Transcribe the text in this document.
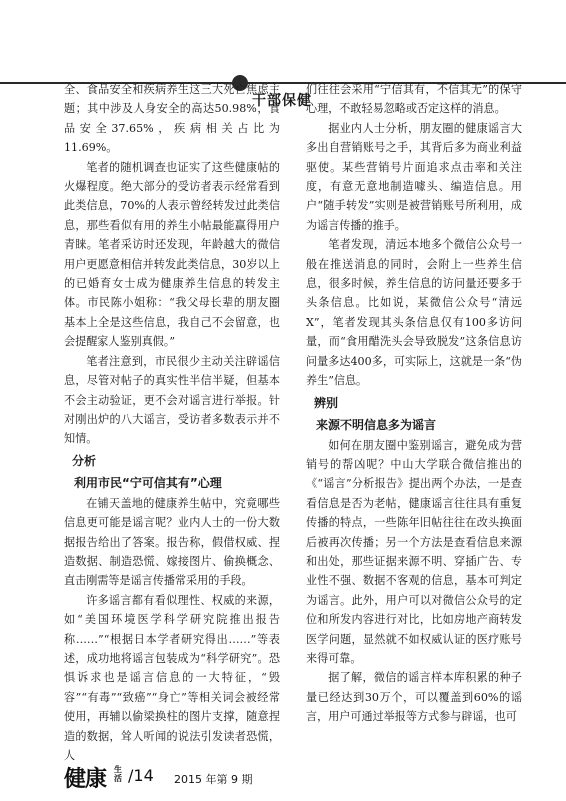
干部保健

全、食品安全和疾病养生这三大死亡焦虑主题；其中涉及人身安全的高达50.98%，食品安全37.65%，疾病相关占比为11.69%。

笔者的随机调查也证实了这些健康帖的火爆程度。绝大部分的受访者表示经常看到此类信息，70%的人表示曾经转发过此类信息，那些看似有用的养生小帖最能赢得用户青睐。笔者采访时还发现，年龄越大的微信用户更愿意相信并转发此类信息，30岁以上的已婚育女士成为健康养生信息的转发主体。市民陈小姐称：“我父母长辈的朋友圈基本上全是这些信息，我自己不会留意，也会提醒家人鉴别真假。”

笔者注意到，市民很少主动关注辟谣信息，尽管对帖子的真实性半信半疑，但基本不会主动验证，更不会对谣言进行举报。针对刚出炉的八大谣言，受访者多数表示并不知情。

分析
利用市民“宁可信其有”心理

在铺天盖地的健康养生帖中，究竟哪些信息更可能是谣言呢？业内人士的一份大数据报告给出了答案。报告称，假借权威、捏造数据、制造恐慌、嫁接图片、偷换概念、直击刚需等是谣言传播常采用的手段。

许多谣言都有看似理性、权威的来源，如“美国环境医学科学研究院推出报告称……”“根据日本学者研究得出……”等表述，成功地将谣言包装成为“科学研究”。恐惧诉求也是谣言信息的一大特征，“毁容”“有毒”“致癌”“身亡”等相关词会被经常使用，再辅以偷梁换柱的图片支撑，随意捏造的数据，耸人听闻的说法引发读者恐慌，人

们往往会采用“宁信其有，不信其无”的保守心理，不敢轻易忽略或否定这样的消息。

据业内人士分析，朋友圈的健康谣言大多出自营销账号之手，其背后多为商业利益驱使。某些营销号片面追求点击率和关注度，有意无意地制造噱头、编造信息。用户“随手转发”实则是被营销账号所利用，成为谣言传播的推手。

笔者发现，清远本地多个微信公众号一般在推送消息的同时，会附上一些养生信息，很多时候，养生信息的访问量还要多于头条信息。比如说，某微信公众号“清远X”，笔者发现其头条信息仅有100多访问量，而“食用醋洗头会导致脱发”这条信息访问量多达400多，可实际上，这就是一条“伪养生”信息。

辨别
来源不明信息多为谣言

如何在朋友圈中鉴别谣言，避免成为营销号的帮凶呢？中山大学联合微信推出的《“谣言”分析报告》提出两个办法，一是查看信息是否为老帖，健康谣言往往具有重复传播的特点，一些陈年旧帖往往在改头换面后被再次传播；另一个方法是查看信息来源和出处，那些证据来源不明、穿插广告、专业性不强、数据不客观的信息，基本可判定为谣言。此外，用户可以对微信公众号的定位和所发内容进行对比，比如房地产商转发医学问题，显然就不如权威认证的医疗账号来得可靠。

据了解，微信的谣言样本库积累的种子量已经达到30万个，可以覆盖到60%的谣言，用户可通过举报等方式参与辟谣，也可

健康 生活 /14 2015 年第 9 期
